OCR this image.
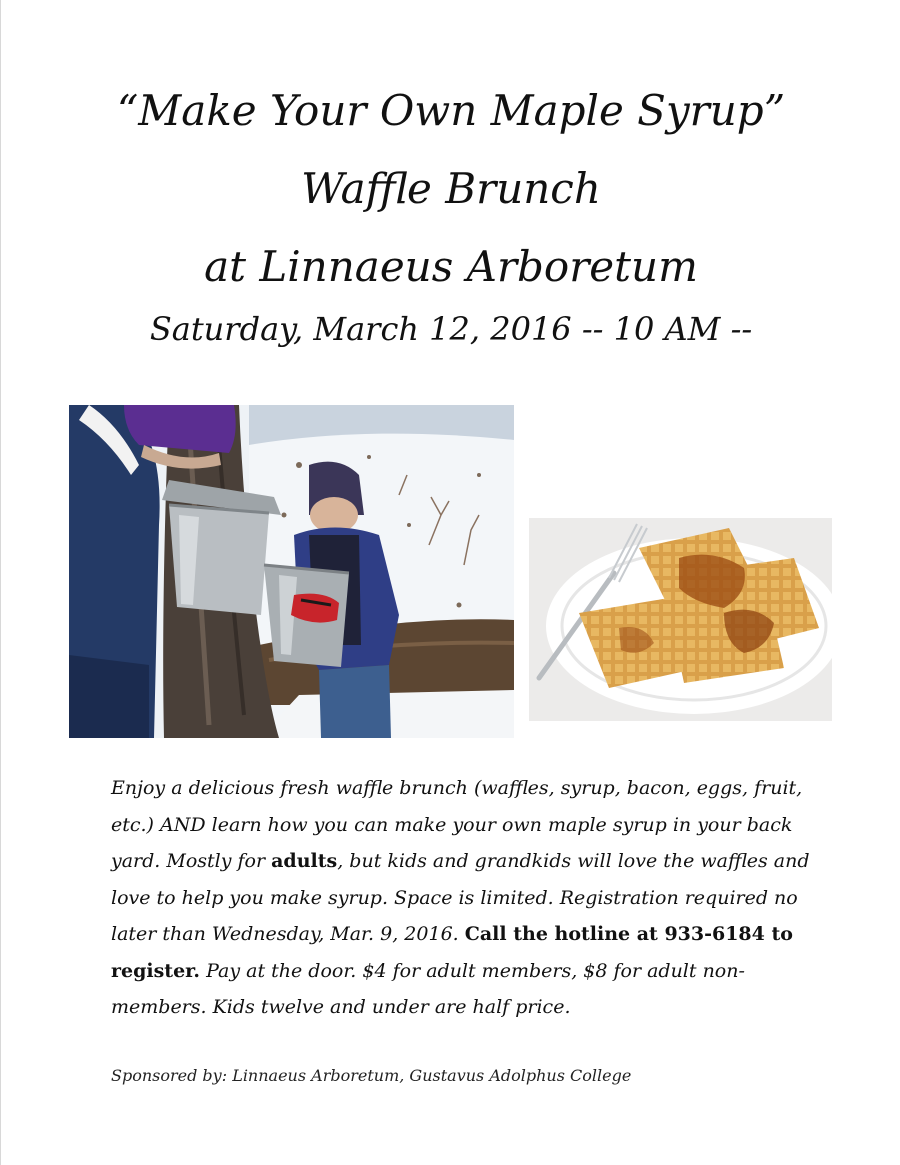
“Make Your Own Maple Syrup”
Waffle Brunch
at Linnaeus Arboretum
Saturday, March 12, 2016 -- 10 AM --
Enjoy a delicious fresh waffle brunch (waffles, syrup, bacon, eggs, fruit, etc.) AND learn how you can make your own maple syrup in your back yard. Mostly for adults, but kids and grandkids will love the waffles and love to help you make syrup. Space is limited. Registration required no later than Wednesday, Mar. 9, 2016. Call the hotline at 933-6184 to register. Pay at the door. $4 for adult members, $8 for adult non-members. Kids twelve and under are half price.
Sponsored by: Linnaeus Arboretum, Gustavus Adolphus College
